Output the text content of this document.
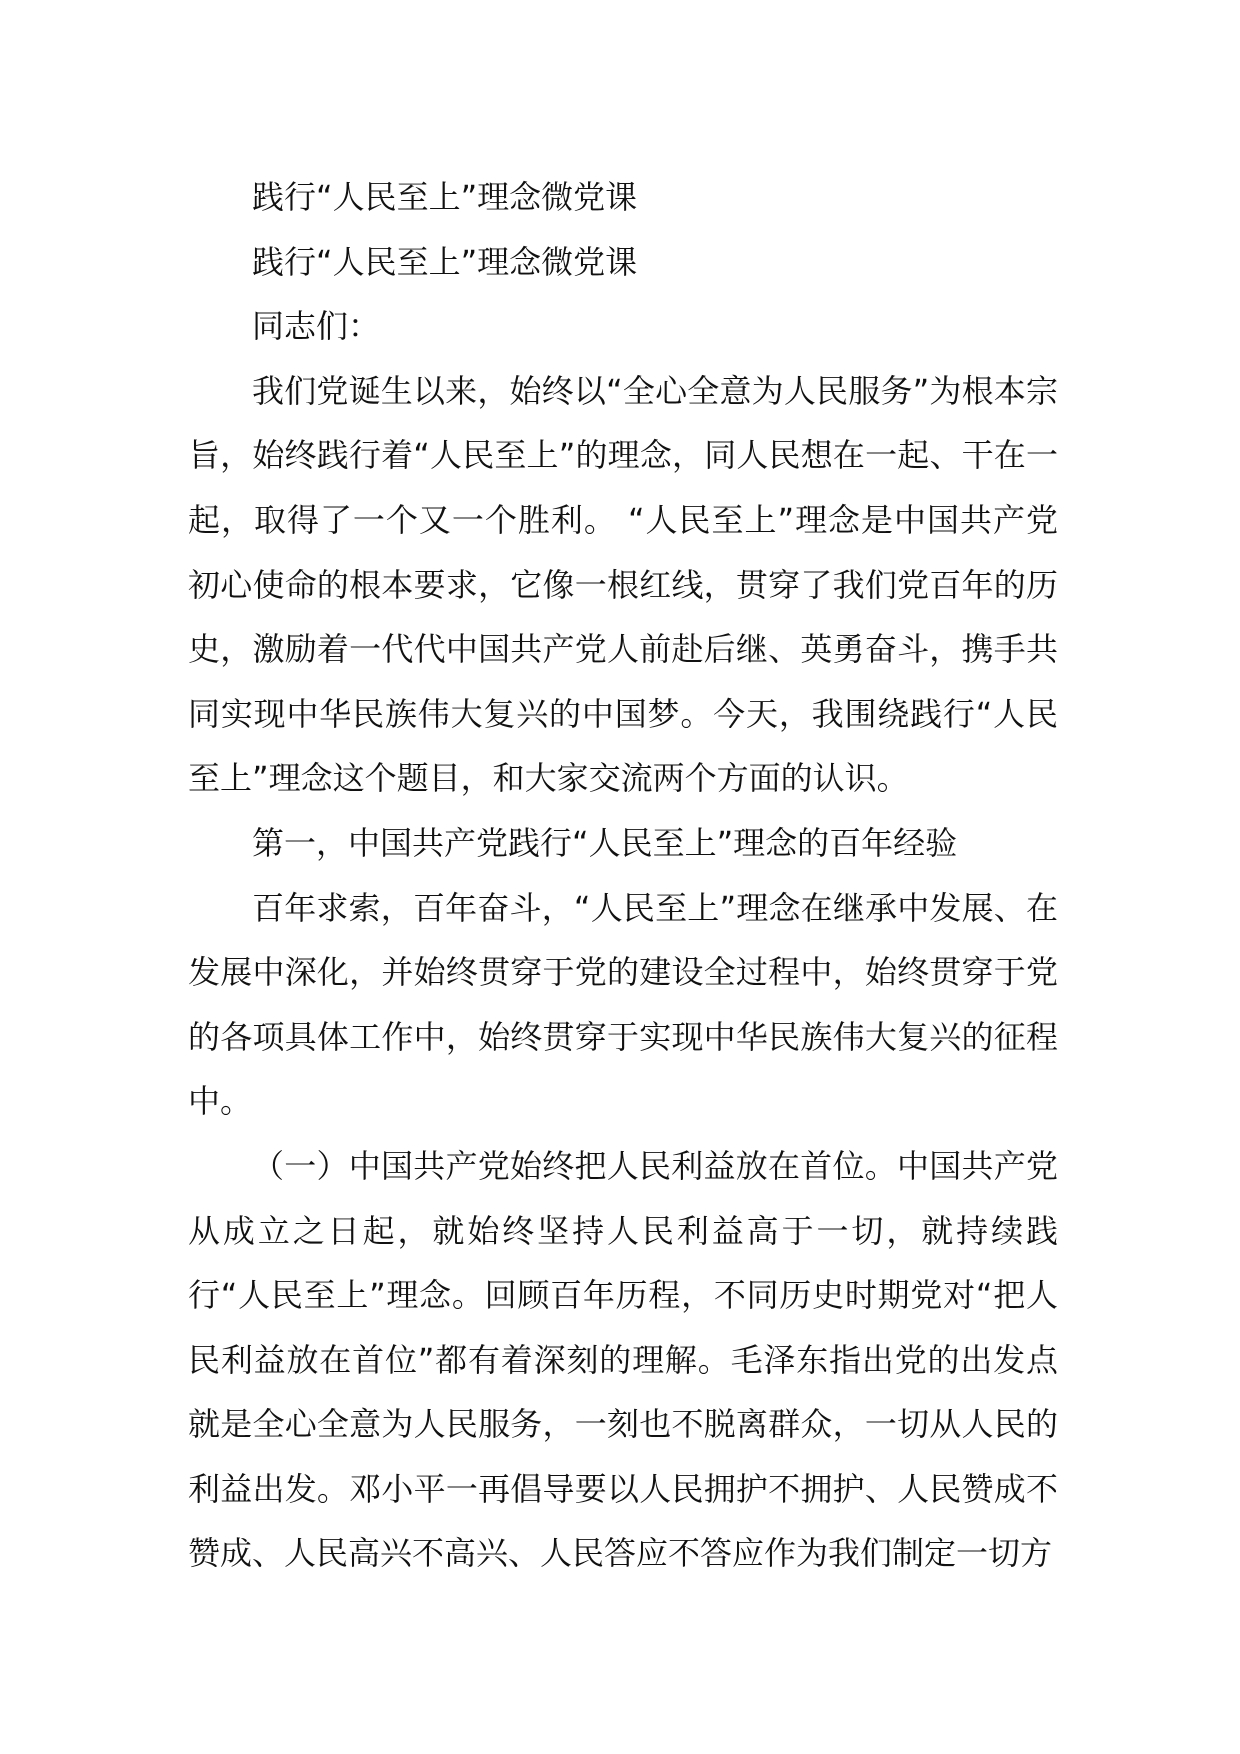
践行“人民至上”理念微党课

践行“人民至上”理念微党课

同志们：

我们党诞生以来，始终以“全心全意为人民服务”为根本宗旨，始终践行着“人民至上”的理念，同人民想在一起、干在一起，取得了一个又一个胜利。 “人民至上”理念是中国共产党初心使命的根本要求，它像一根红线，贯穿了我们党百年的历史，激励着一代代中国共产党人前赴后继、英勇奋斗，携手共同实现中华民族伟大复兴的中国梦。今天，我围绕践行“人民至上”理念这个题目，和大家交流两个方面的认识。

第一，中国共产党践行“人民至上”理念的百年经验

百年求索，百年奋斗，“人民至上”理念在继承中发展、在发展中深化，并始终贯穿于党的建设全过程中，始终贯穿于党的各项具体工作中，始终贯穿于实现中华民族伟大复兴的征程中。

（一）中国共产党始终把人民利益放在首位。中国共产党从成立之日起，就始终坚持人民利益高于一切，就持续践行“人民至上”理念。回顾百年历程，不同历史时期党对“把人民利益放在首位”都有着深刻的理解。毛泽东指出党的出发点就是全心全意为人民服务，一刻也不脱离群众，一切从人民的利益出发。邓小平一再倡导要以人民拥护不拥护、人民赞成不赞成、人民高兴不高兴、人民答应不答应作为我们制定一切方
